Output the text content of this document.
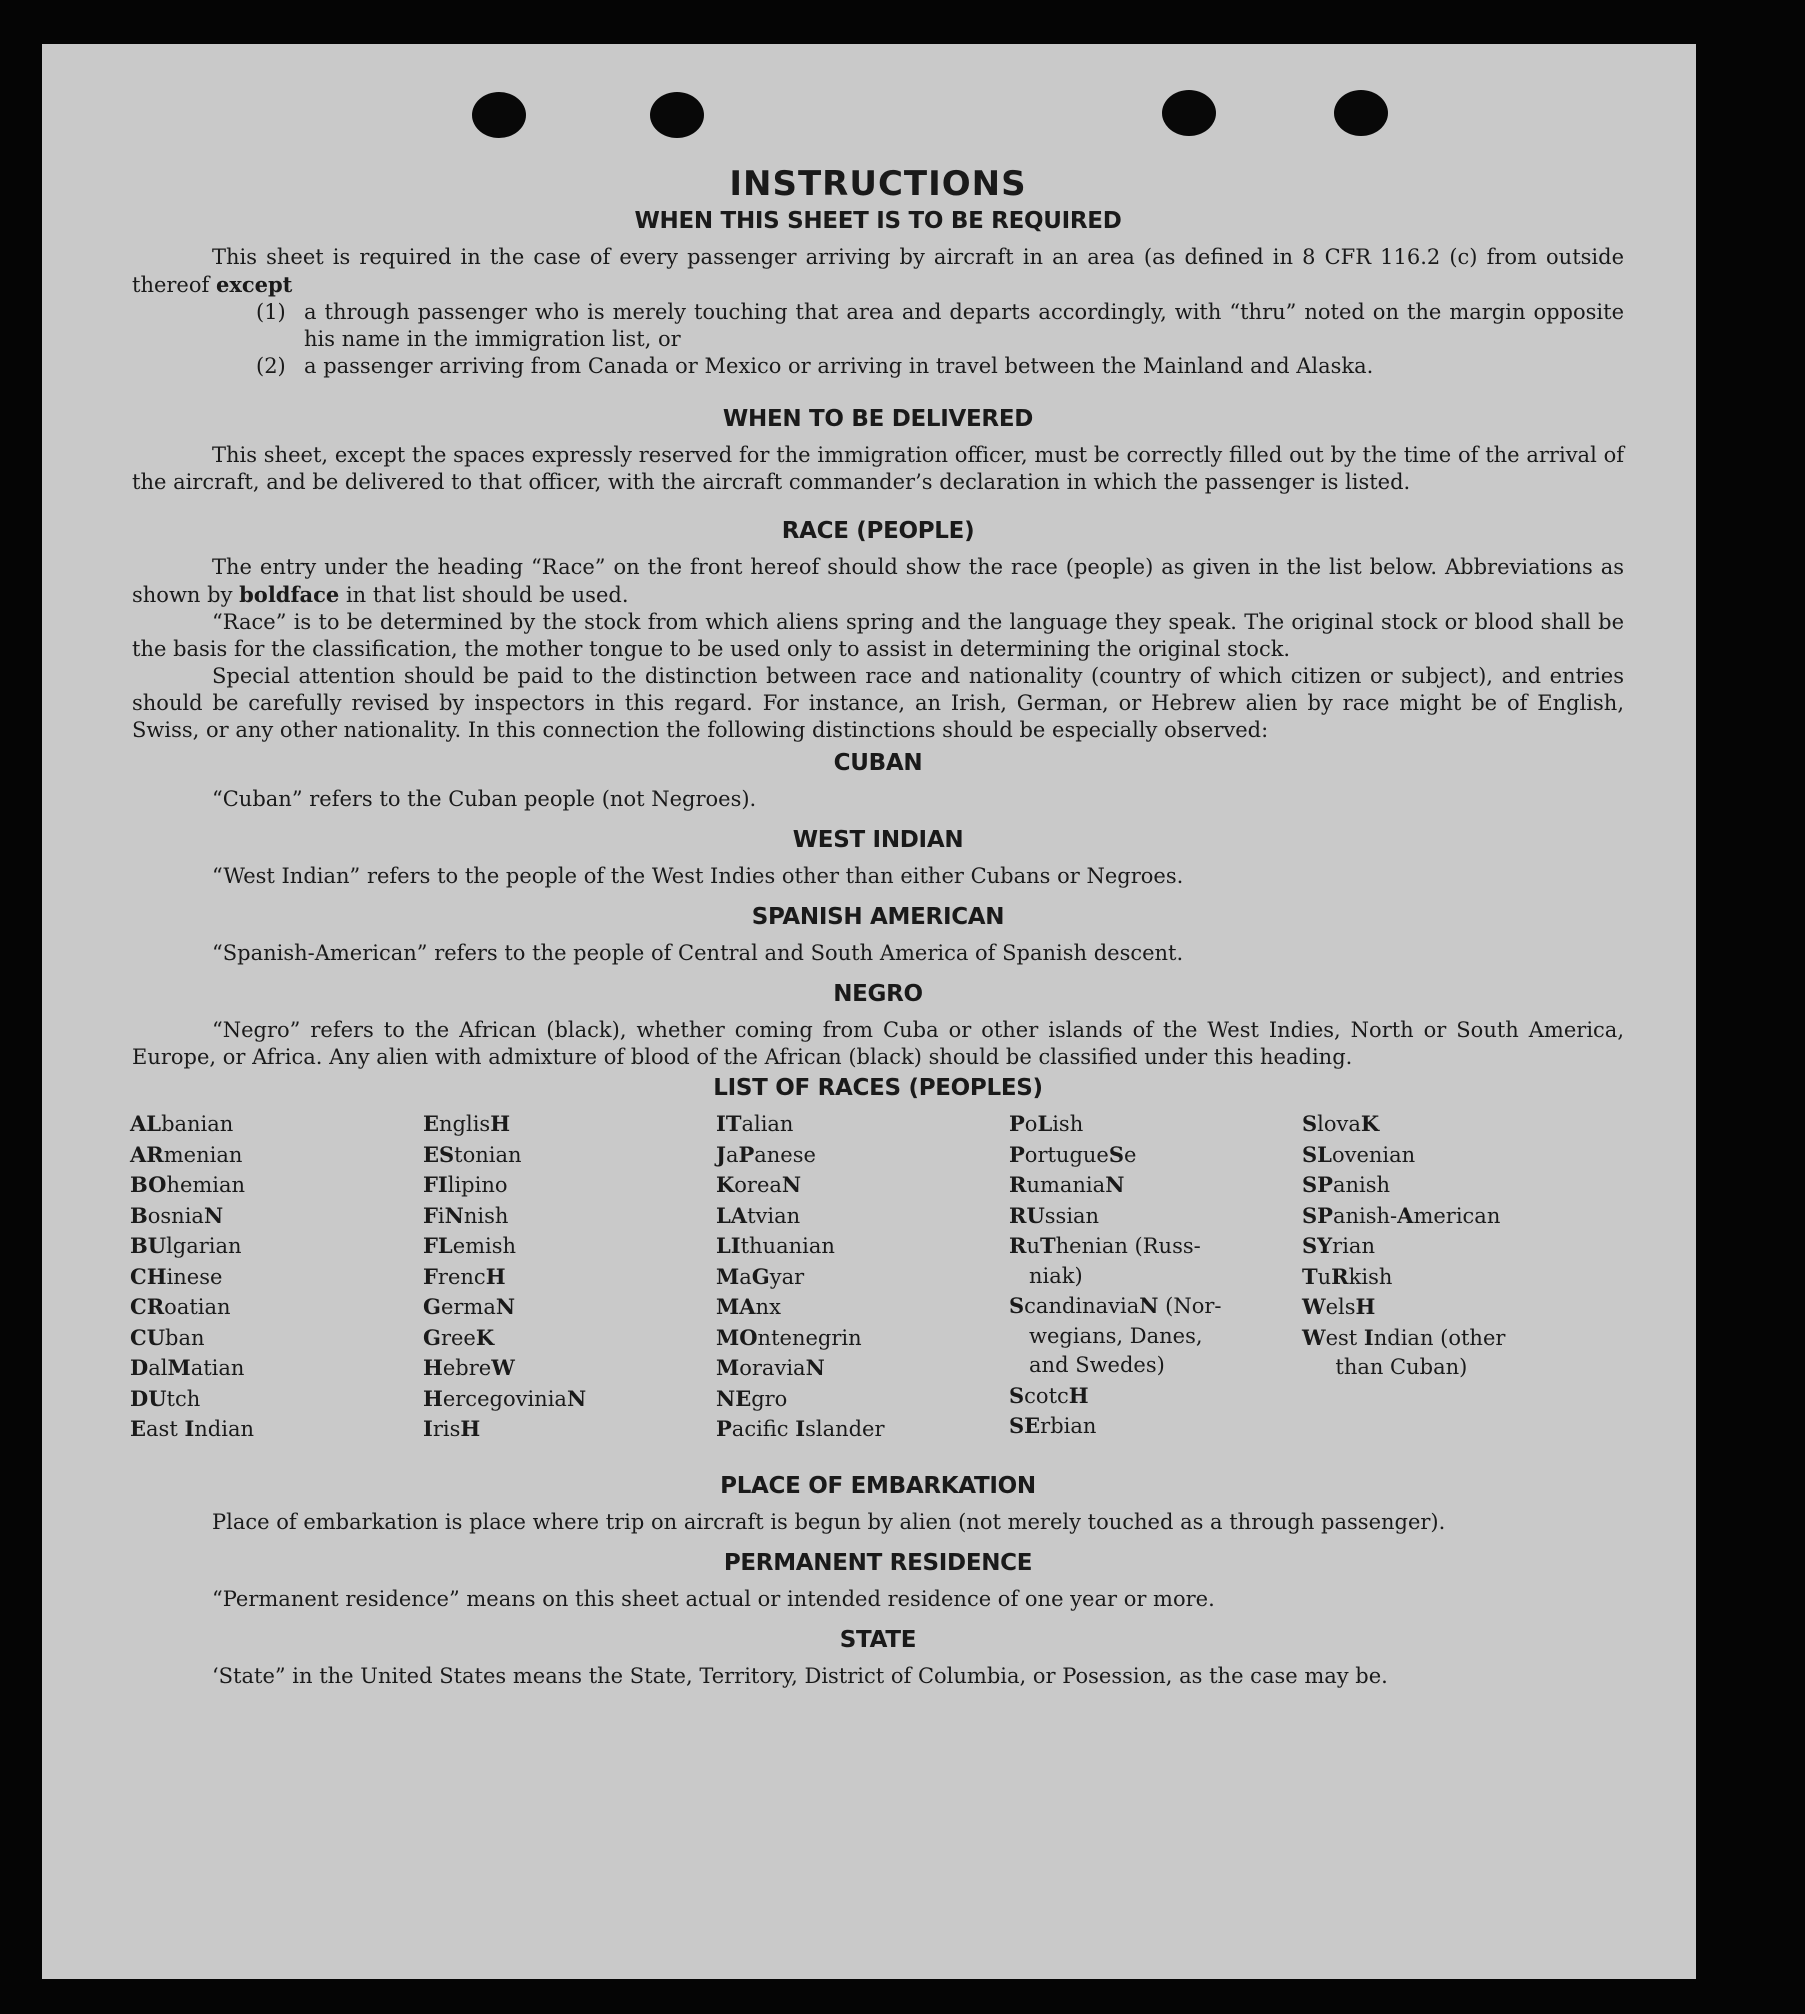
INSTRUCTIONS
WHEN THIS SHEET IS TO BE REQUIRED

This sheet is required in the case of every passenger arriving by aircraft in an area (as defined in 8 CFR 116.2 (c) from outside thereof except

(1) a through passenger who is merely touching that area and departs accordingly, with “thru” noted on the margin opposite his name in the immigration list, or
(2) a passenger arriving from Canada or Mexico or arriving in travel between the Mainland and Alaska.
WHEN TO BE DELIVERED

This sheet, except the spaces expressly reserved for the immigration officer, must be correctly filled out by the time of the arrival of the aircraft, and be delivered to that officer, with the aircraft commander’s declaration in which the passenger is listed.

RACE (PEOPLE)

The entry under the heading “Race” on the front hereof should show the race (people) as given in the list below. Abbreviations as shown by boldface in that list should be used.

“Race” is to be determined by the stock from which aliens spring and the language they speak. The original stock or blood shall be the basis for the classification, the mother tongue to be used only to assist in determining the original stock.

Special attention should be paid to the distinction between race and nationality (country of which citizen or subject), and entries should be carefully revised by inspectors in this regard. For instance, an Irish, German, or Hebrew alien by race might be of English, Swiss, or any other nationality. In this connection the following distinctions should be especially observed:

CUBAN

“Cuban” refers to the Cuban people (not Negroes).

WEST INDIAN

“West Indian” refers to the people of the West Indies other than either Cubans or Negroes.

SPANISH AMERICAN

“Spanish-American” refers to the people of Central and South America of Spanish descent.

NEGRO

“Negro” refers to the African (black), whether coming from Cuba or other islands of the West Indies, North or South America, Europe, or Africa. Any alien with admixture of blood of the African (black) should be classified under this heading.

LIST OF RACES (PEOPLES)
ALbanian
ARmenian
BOhemian
BosniaN
BUlgarian
CHinese
CRoatian
CUban
DalMatian
DUtch
East Indian
EnglisH
EStonian
FIlipino
FiNnish
FLemish
FrencH
GermaN
GreeK
HebreW
HercegoviniaN
IrisH
ITalian
JaPanese
KoreaN
LAtvian
LIthuanian
MaGyar
MAnx
MOntenegrin
MoraviaN
NEgro
Pacific Islander
PoLish
PortugueSe
RumaniaN
RUssian
RuThenian (Russ-
niak)
ScandinaviaN (Nor-
wegians, Danes,
and Swedes)
ScotcH
SErbian
SlovaK
SLovenian
SPanish
SPanish-American
SYrian
TuRkish
WelsH
West Indian (other
than Cuban)
PLACE OF EMBARKATION

Place of embarkation is place where trip on aircraft is begun by alien (not merely touched as a through passenger).

PERMANENT RESIDENCE

“Permanent residence” means on this sheet actual or intended residence of one year or more.

STATE

‘State” in the United States means the State, Territory, District of Columbia, or Posession, as the case may be.
